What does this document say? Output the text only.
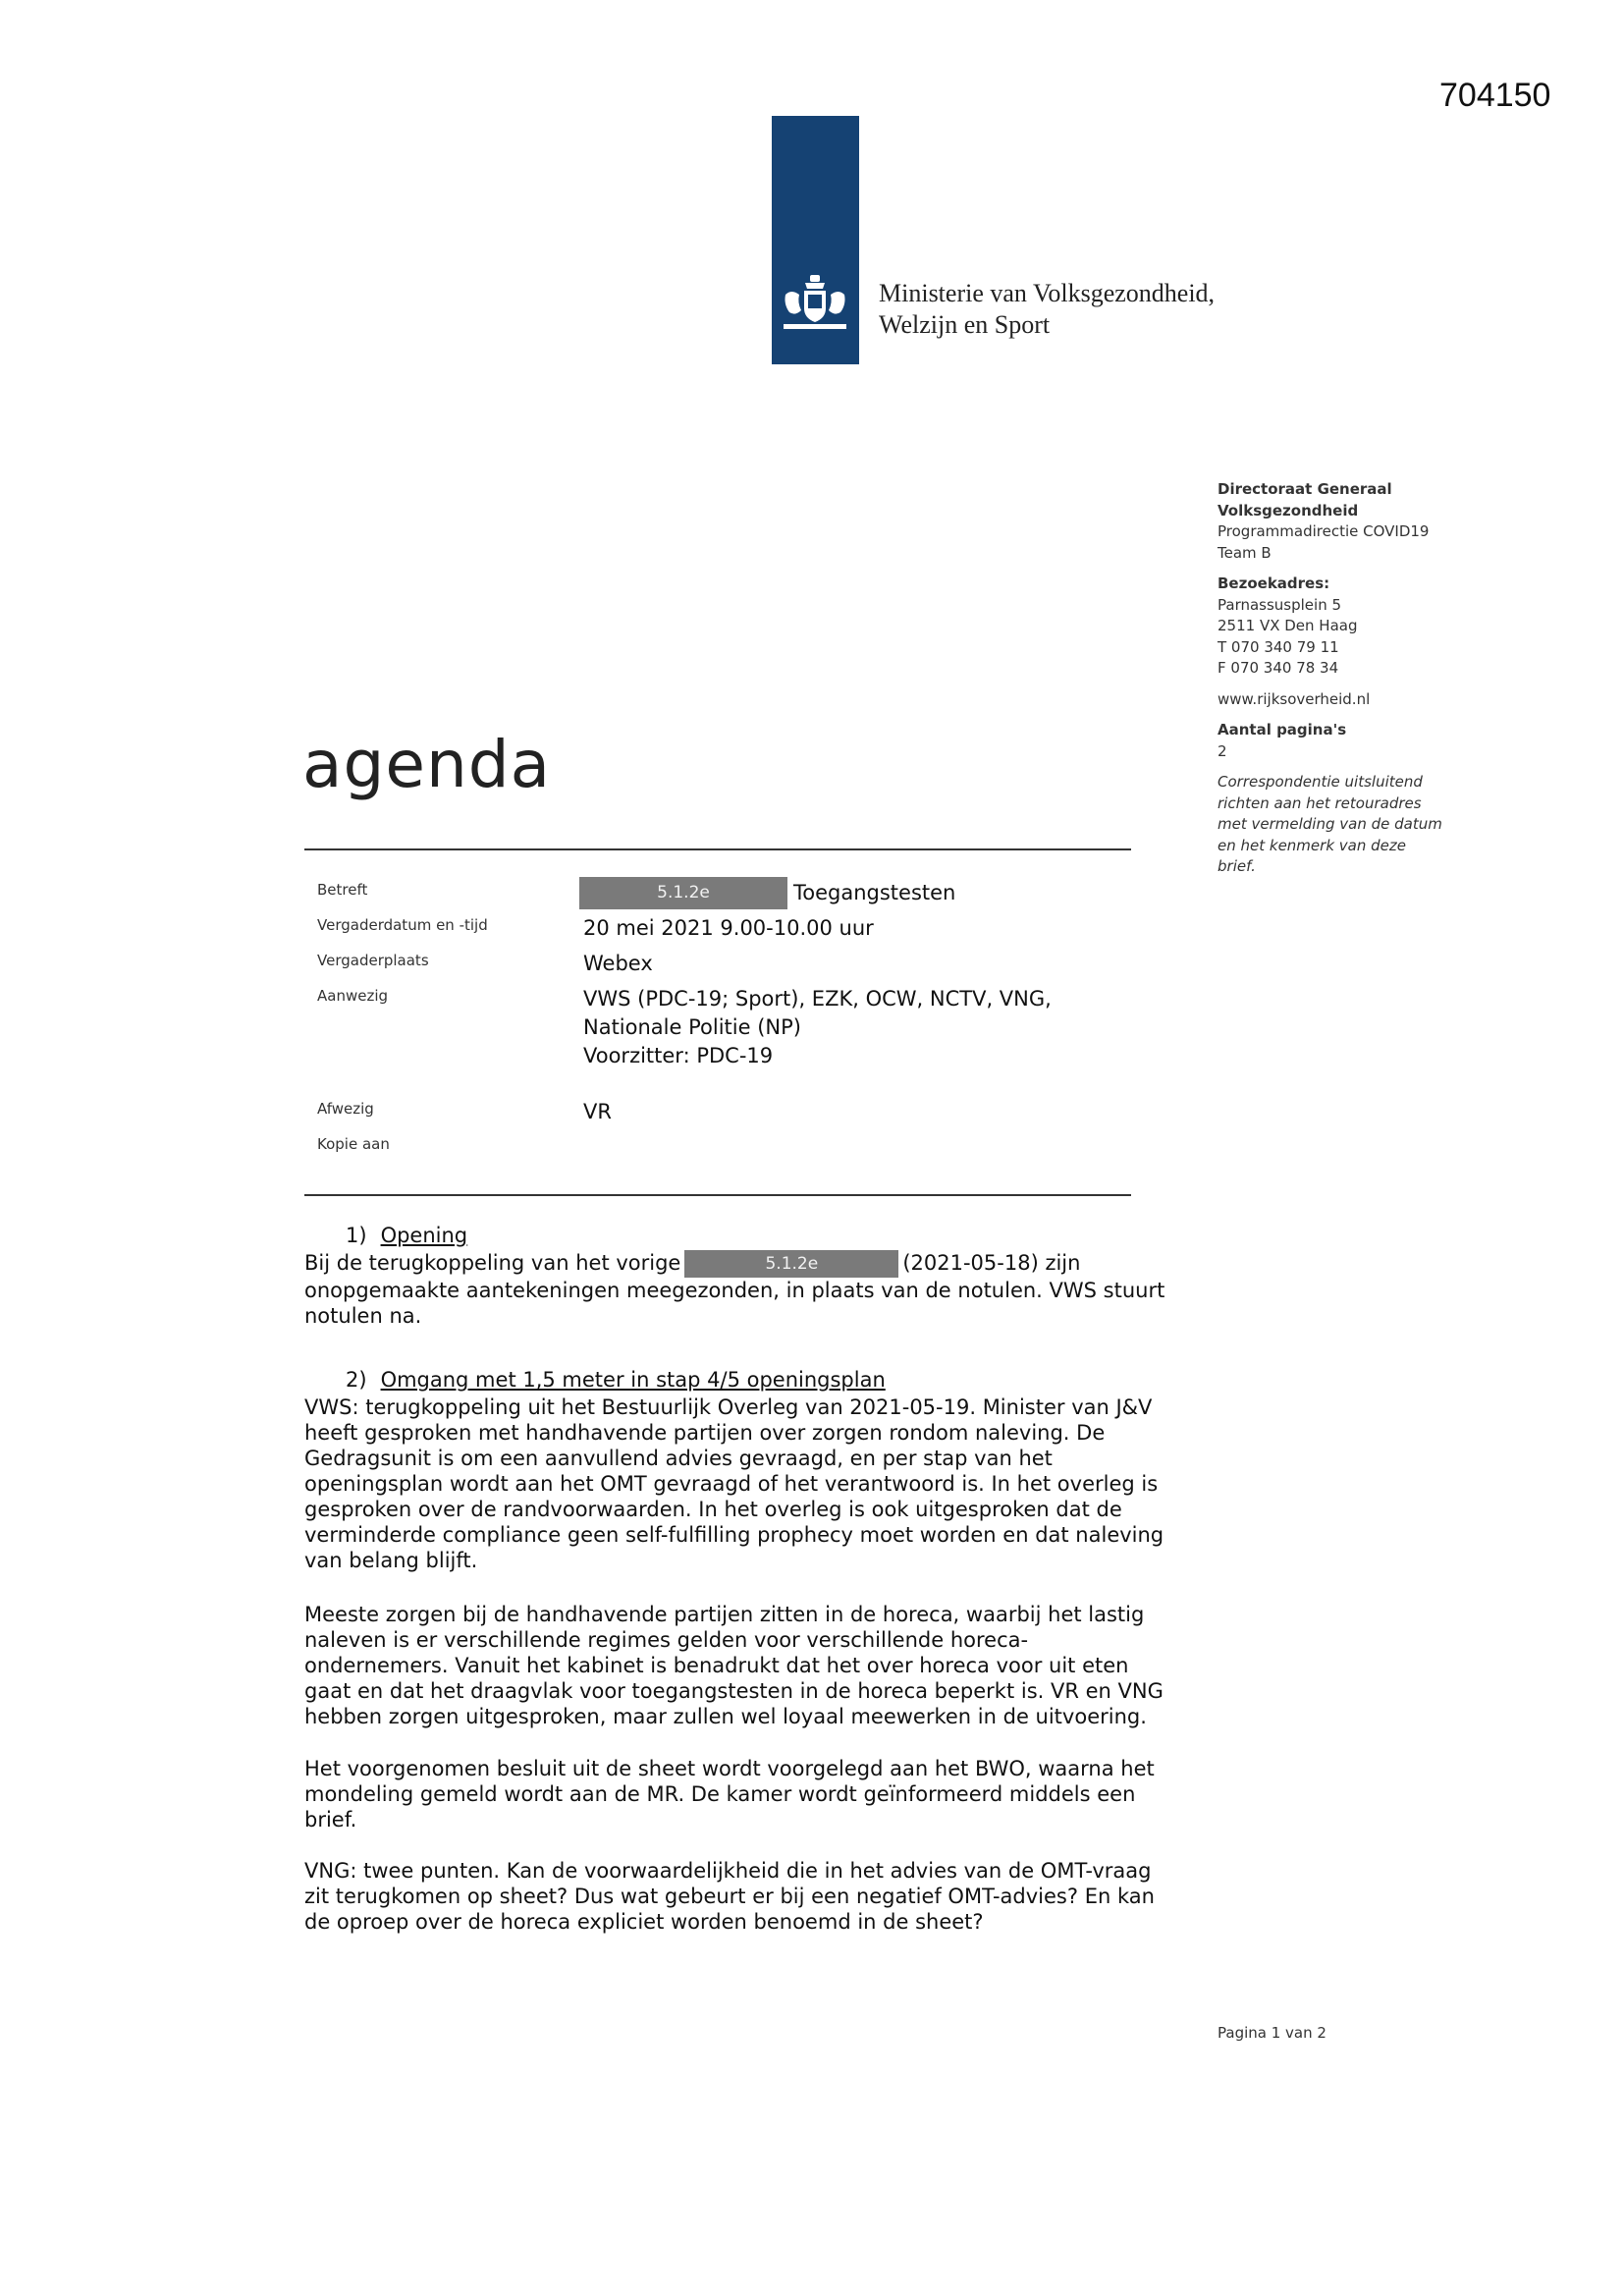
704150
Ministerie van Volksgezondheid,
Welzijn en Sport
Directoraat Generaal
Volksgezondheid
Programmadirectie COVID19
Team B
Bezoekadres:
Parnassusplein 5
2511 VX Den Haag
T 070 340 79 11
F 070 340 78 34
www.rijksoverheid.nl
Aantal pagina's
2
Correspondentie uitsluitend
richten aan het retouradres
met vermelding van de datum
en het kenmerk van deze
brief.
agenda
Betreft	5.1.2e	Toegangstesten
Vergaderdatum en -tijd	20 mei 2021 9.00-10.00 uur
Vergaderplaats	Webex
Aanwezig	VWS (PDC-19; Sport), EZK, OCW, NCTV, VNG,
Nationale Politie (NP)
Voorzitter: PDC-19
Afwezig	VR
Kopie aan
1) Opening
Bij de terugkoppeling van het vorige	5.1.2e	(2021-05-18) zijn
onopgemaakte aantekeningen meegezonden, in plaats van de notulen. VWS stuurt
notulen na.
2) Omgang met 1,5 meter in stap 4/5 openingsplan
VWS: terugkoppeling uit het Bestuurlijk Overleg van 2021-05-19. Minister van J&V
heeft gesproken met handhavende partijen over zorgen rondom naleving. De
Gedragsunit is om een aanvullend advies gevraagd, en per stap van het
openingsplan wordt aan het OMT gevraagd of het verantwoord is. In het overleg is
gesproken over de randvoorwaarden. In het overleg is ook uitgesproken dat de
verminderde compliance geen self-fulfilling prophecy moet worden en dat naleving
van belang blijft.
Meeste zorgen bij de handhavende partijen zitten in de horeca, waarbij het lastig
naleven is er verschillende regimes gelden voor verschillende horeca-
ondernemers. Vanuit het kabinet is benadrukt dat het over horeca voor uit eten
gaat en dat het draagvlak voor toegangstesten in de horeca beperkt is. VR en VNG
hebben zorgen uitgesproken, maar zullen wel loyaal meewerken in de uitvoering.
Het voorgenomen besluit uit de sheet wordt voorgelegd aan het BWO, waarna het
mondeling gemeld wordt aan de MR. De kamer wordt geïnformeerd middels een
brief.
VNG: twee punten. Kan de voorwaardelijkheid die in het advies van de OMT-vraag
zit terugkomen op sheet? Dus wat gebeurt er bij een negatief OMT-advies? En kan
de oproep over de horeca expliciet worden benoemd in de sheet?
Pagina 1 van 2
